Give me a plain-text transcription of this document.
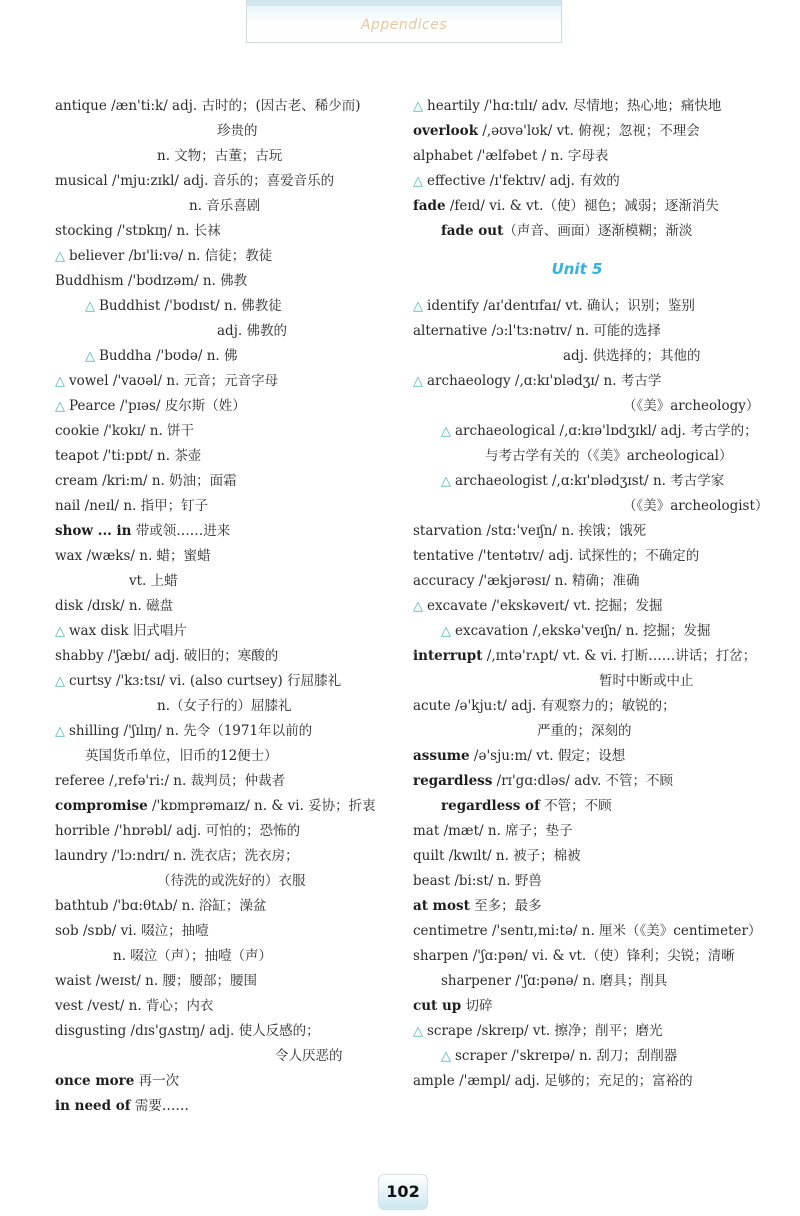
Appendices
antique /æn'ti:k/ adj. 古时的；(因古老、稀少而)
珍贵的
n. 文物；古董；古玩
musical /'mju:zɪkl/ adj. 音乐的；喜爱音乐的
n. 音乐喜剧
stocking /'stɒkɪŋ/ n. 长袜
△ believer /bɪ'li:və/ n. 信徒；教徒
Buddhism /'bʊdɪzəm/ n. 佛教
△ Buddhist /'bʊdɪst/ n. 佛教徒
adj. 佛教的
△ Buddha /'bʊdə/ n. 佛
△ vowel /'vaʊəl/ n. 元音；元音字母
△ Pearce /'pɪəs/ 皮尔斯（姓）
cookie /'kʊkɪ/ n. 饼干
teapot /'ti:pɒt/ n. 茶壶
cream /kri:m/ n. 奶油；面霜
nail /neɪl/ n. 指甲；钉子
show ... in 带或领……进来
wax /wæks/ n. 蜡；蜜蜡
vt. 上蜡
disk /dɪsk/ n. 磁盘
△ wax disk 旧式唱片
shabby /'ʃæbɪ/ adj. 破旧的；寒酸的
△ curtsy /'kɜ:tsɪ/ vi. (also curtsey) 行屈膝礼
n.（女子行的）屈膝礼
△ shilling /'ʃɪlɪŋ/ n. 先令（1971年以前的
英国货币单位，旧币的12便士）
referee /,refə'ri:/ n. 裁判员；仲裁者
compromise /'kɒmprəmaɪz/ n. & vi. 妥协；折衷
horrible /'hɒrəbl/ adj. 可怕的；恐怖的
laundry /'lɔ:ndrɪ/ n. 洗衣店；洗衣房；
（待洗的或洗好的）衣服
bathtub /'bɑ:θtʌb/ n. 浴缸；澡盆
sob /sɒb/ vi. 啜泣；抽噎
n. 啜泣（声）；抽噎（声）
waist /weɪst/ n. 腰；腰部；腰围
vest /vest/ n. 背心；内衣
disgusting /dɪs'gʌstɪŋ/ adj. 使人反感的；
令人厌恶的
once more 再一次
in need of 需要……
△ heartily /'hɑ:tɪlɪ/ adv. 尽情地；热心地；痛快地
overlook /,əʊvə'lʊk/ vt. 俯视；忽视；不理会
alphabet /'ælfəbet / n. 字母表
△ effective /ɪ'fektɪv/ adj. 有效的
fade /feɪd/ vi. & vt.（使）褪色；减弱；逐渐消失
fade out（声音、画面）逐渐模糊；渐淡
Unit 5
△ identify /aɪ'dentɪfaɪ/ vt. 确认；识别；鉴别
alternative /ɔ:l'tɜ:nətɪv/ n. 可能的选择
adj. 供选择的；其他的
△ archaeology /,ɑ:kɪ'ɒlədʒɪ/ n. 考古学
（《美》archeology）
△ archaeological /,ɑ:kɪə'lɒdʒɪkl/ adj. 考古学的；
与考古学有关的（《美》archeological）
△ archaeologist /,ɑ:kɪ'ɒlədʒɪst/ n. 考古学家
（《美》archeologist）
starvation /stɑ:'veɪʃn/ n. 挨饿；饿死
tentative /'tentətɪv/ adj. 试探性的；不确定的
accuracy /'ækjərəsɪ/ n. 精确；准确
△ excavate /'ekskəveɪt/ vt. 挖掘；发掘
△ excavation /,ekskə'veɪʃn/ n. 挖掘；发掘
interrupt /,ɪntə'rʌpt/ vt. & vi. 打断……讲话；打岔；
暂时中断或中止
acute /ə'kju:t/ adj. 有观察力的；敏锐的；
严重的；深刻的
assume /ə'sju:m/ vt. 假定；设想
regardless /rɪ'gɑ:dləs/ adv. 不管；不顾
regardless of 不管；不顾
mat /mæt/ n. 席子；垫子
quilt /kwɪlt/ n. 被子；棉被
beast /bi:st/ n. 野兽
at most 至多；最多
centimetre /'sentɪ,mi:tə/ n. 厘米（《美》centimeter）
sharpen /'ʃɑ:pən/ vi. & vt.（使）锋利；尖锐；清晰
sharpener /'ʃɑ:pənə/ n. 磨具；削具
cut up 切碎
△ scrape /skreɪp/ vt. 擦净；削平；磨光
△ scraper /'skreɪpə/ n. 刮刀；刮削器
ample /'æmpl/ adj. 足够的；充足的；富裕的
102
